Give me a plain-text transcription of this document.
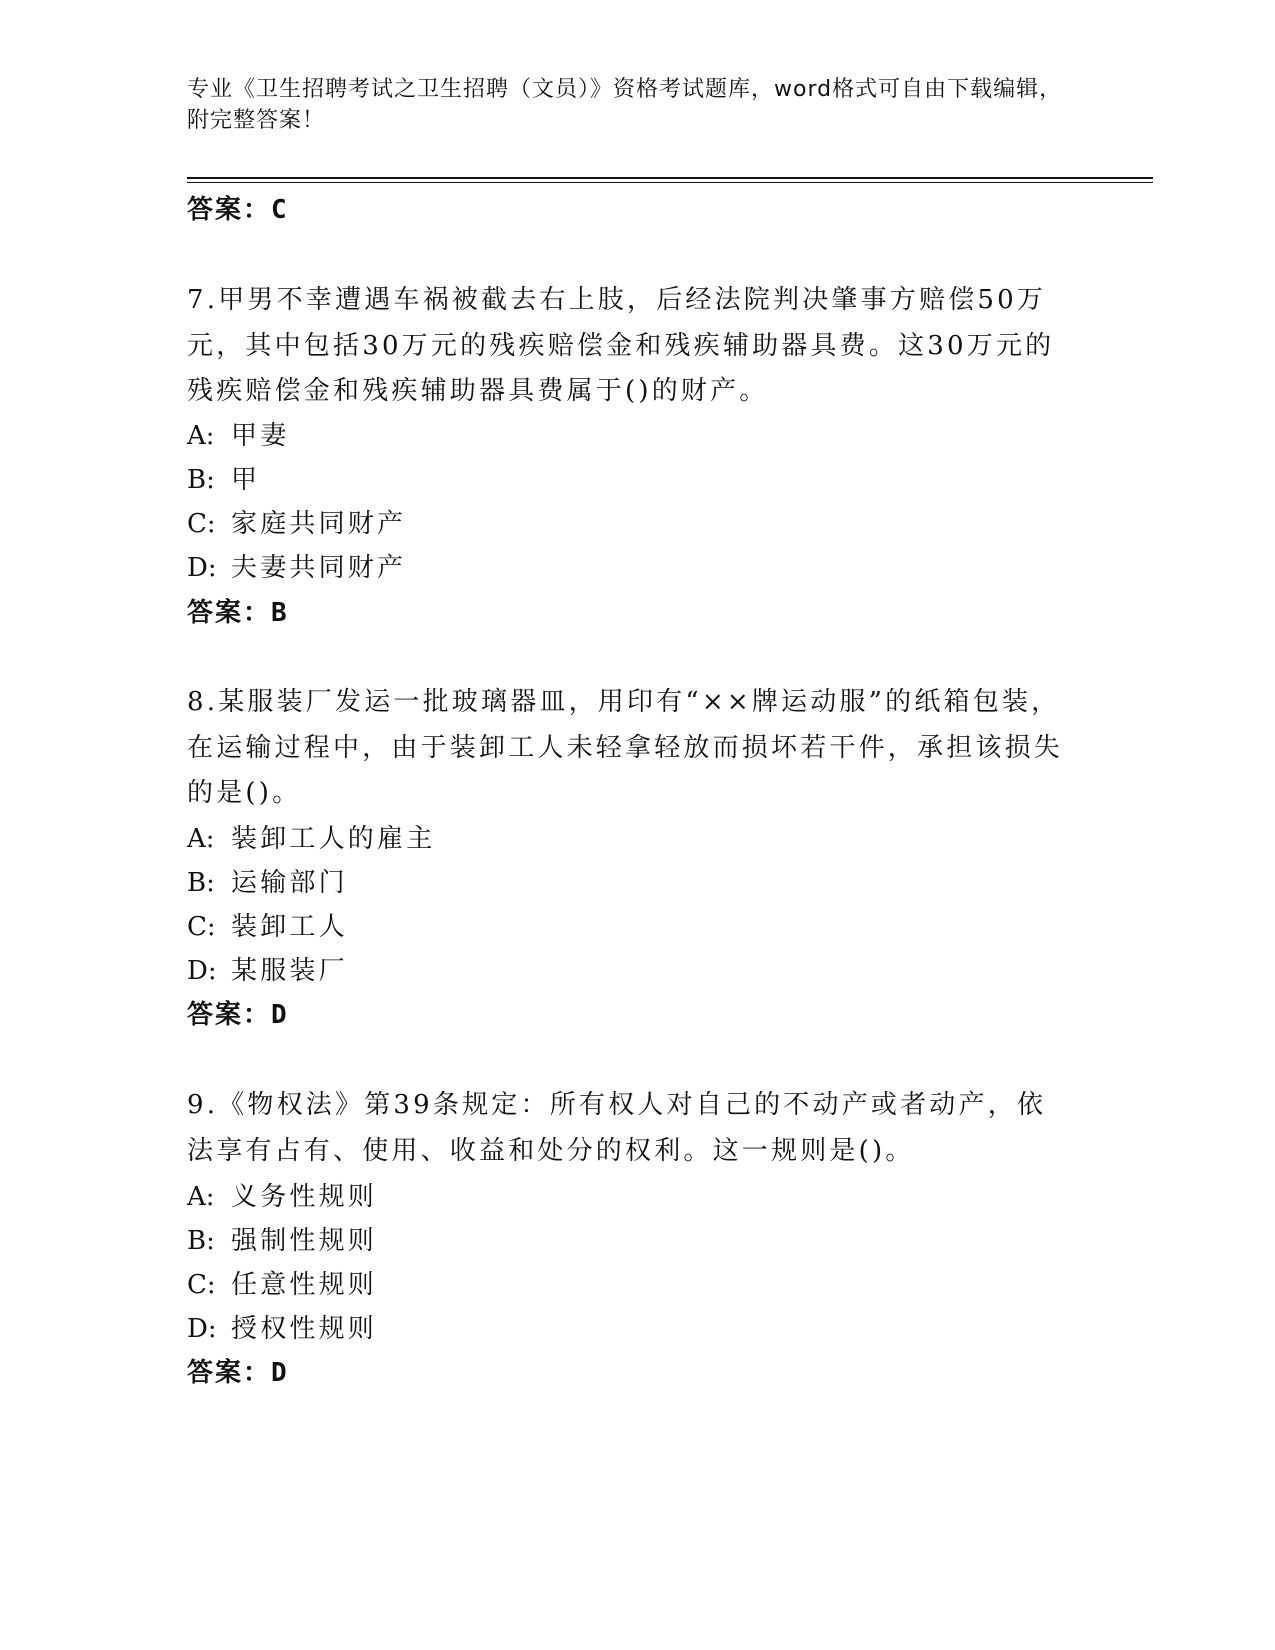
专业《卫生招聘考试之卫生招聘（文员）》资格考试题库，word格式可自由下载编辑，附完整答案！
答案：C
7.甲男不幸遭遇车祸被截去右上肢，后经法院判决肇事方赔偿50万元，其中包括30万元的残疾赔偿金和残疾辅助器具费。这30万元的残疾赔偿金和残疾辅助器具费属于()的财产。
A: 甲妻
B: 甲
C: 家庭共同财产
D: 夫妻共同财产
答案：B
8.某服装厂发运一批玻璃器皿，用印有“××牌运动服”的纸箱包装，在运输过程中，由于装卸工人未轻拿轻放而损坏若干件，承担该损失的是()。
A: 装卸工人的雇主
B: 运输部门
C: 装卸工人
D: 某服装厂
答案：D
9.《物权法》第39条规定：所有权人对自己的不动产或者动产，依法享有占有、使用、收益和处分的权利。这一规则是()。
A: 义务性规则
B: 强制性规则
C: 任意性规则
D: 授权性规则
答案：D
